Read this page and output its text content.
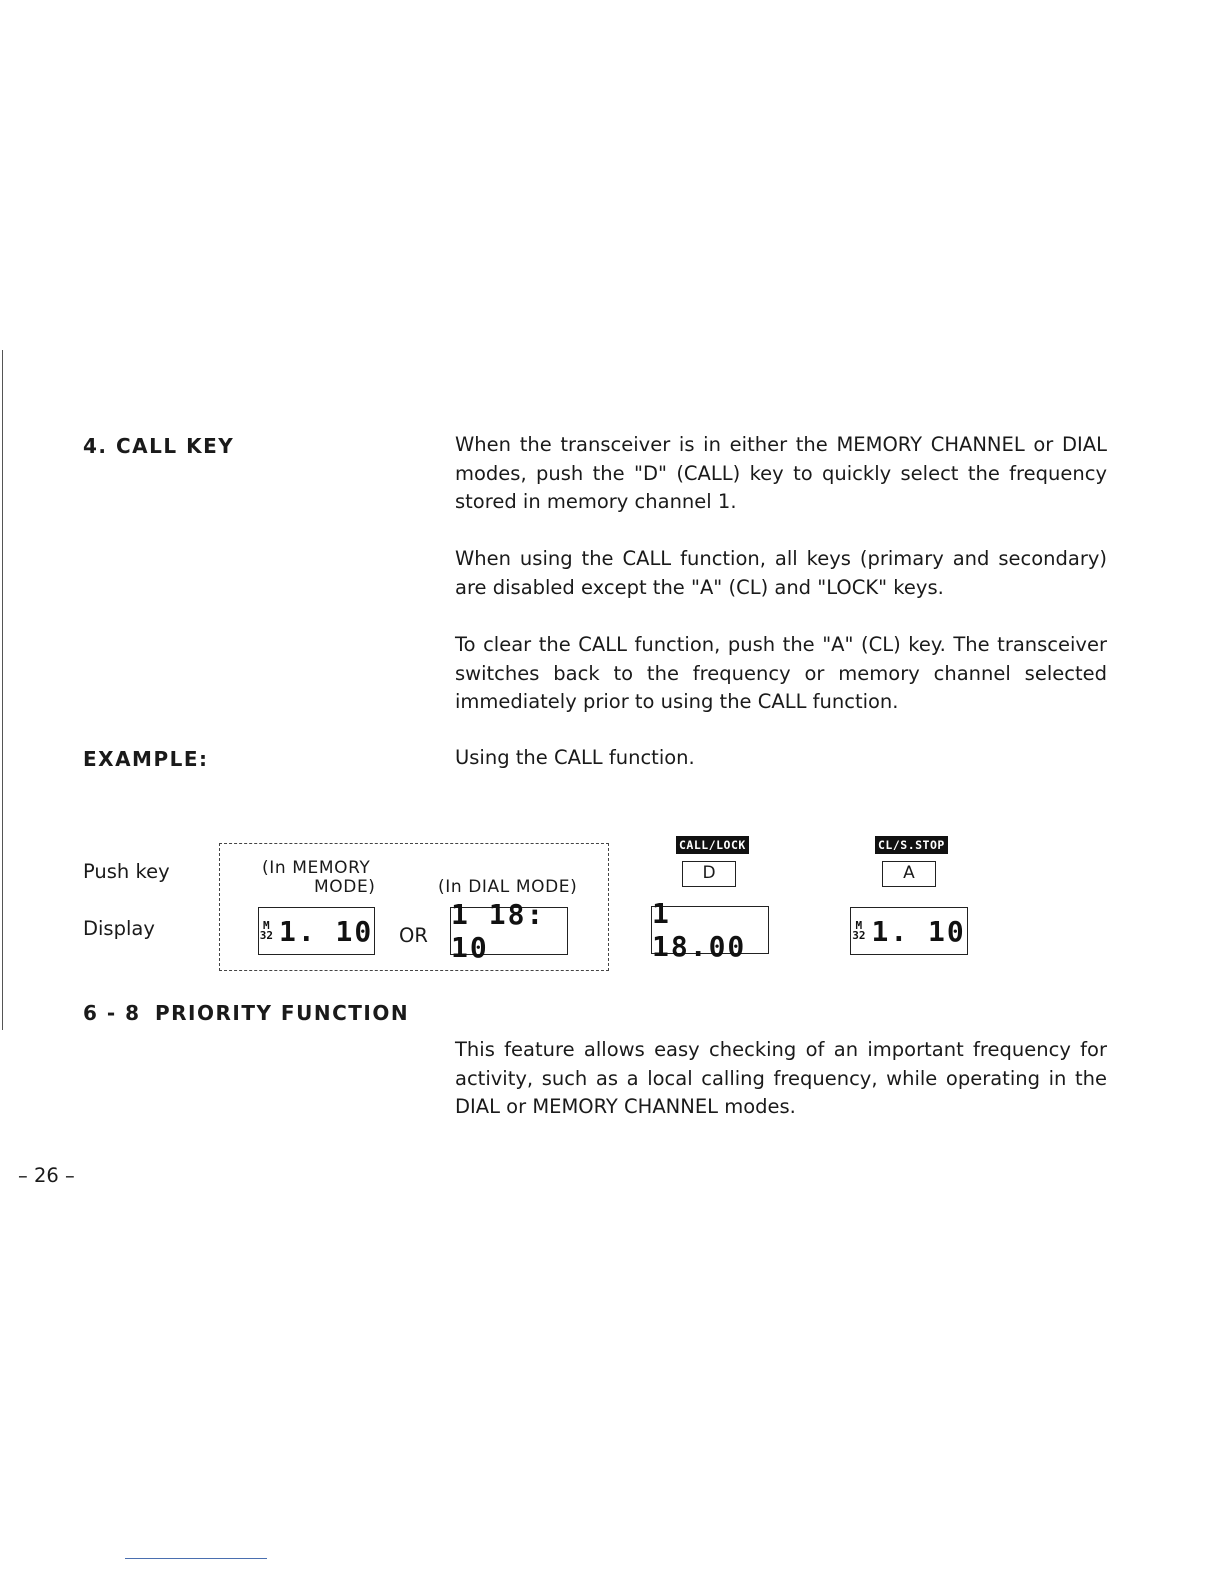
4. CALL KEY	When the transceiver is in either the MEMORY CHANNEL or DIAL modes, push the "D" (CALL) key to quickly select the frequency stored in memory channel 1.

When using the CALL function, all keys (primary and secondary) are disabled except the "A" (CL) and "LOCK" keys.

To clear the CALL function, push the "A" (CL) key. The transceiver switches back to the frequency or memory channel selected immediately prior to using the CALL function.

EXAMPLE:	Using the CALL function.
Push key
Display
(In MEMORY
MODE)	(In DIAL MODE)
M
32 1. 10 OR
1 18: 10
CALL/LOCK
D
1 18.00
CL/S.STOP
A
M
32 1. 10
6 - 8 PRIORITY FUNCTION

This feature allows easy checking of an important frequency for activity, such as a local calling frequency, while operating in the DIAL or MEMORY CHANNEL modes.

– 26 –
